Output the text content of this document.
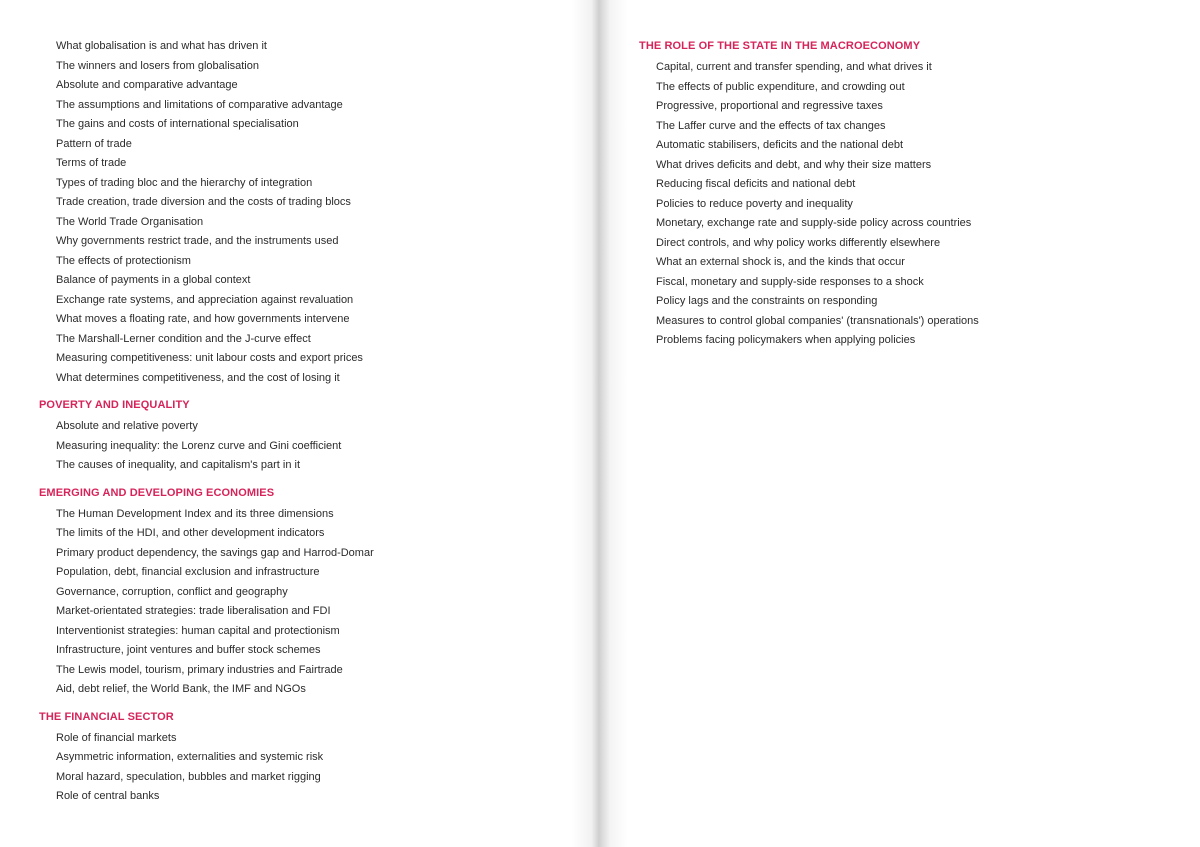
What globalisation is and what has driven it
The winners and losers from globalisation
Absolute and comparative advantage
The assumptions and limitations of comparative advantage
The gains and costs of international specialisation
Pattern of trade
Terms of trade
Types of trading bloc and the hierarchy of integration
Trade creation, trade diversion and the costs of trading blocs
The World Trade Organisation
Why governments restrict trade, and the instruments used
The effects of protectionism
Balance of payments in a global context
Exchange rate systems, and appreciation against revaluation
What moves a floating rate, and how governments intervene
The Marshall-Lerner condition and the J-curve effect
Measuring competitiveness: unit labour costs and export prices
What determines competitiveness, and the cost of losing it
POVERTY AND INEQUALITY
Absolute and relative poverty
Measuring inequality: the Lorenz curve and Gini coefficient
The causes of inequality, and capitalism's part in it
EMERGING AND DEVELOPING ECONOMIES
The Human Development Index and its three dimensions
The limits of the HDI, and other development indicators
Primary product dependency, the savings gap and Harrod-Domar
Population, debt, financial exclusion and infrastructure
Governance, corruption, conflict and geography
Market-orientated strategies: trade liberalisation and FDI
Interventionist strategies: human capital and protectionism
Infrastructure, joint ventures and buffer stock schemes
The Lewis model, tourism, primary industries and Fairtrade
Aid, debt relief, the World Bank, the IMF and NGOs
THE FINANCIAL SECTOR
Role of financial markets
Asymmetric information, externalities and systemic risk
Moral hazard, speculation, bubbles and market rigging
Role of central banks
THE ROLE OF THE STATE IN THE MACROECONOMY
Capital, current and transfer spending, and what drives it
The effects of public expenditure, and crowding out
Progressive, proportional and regressive taxes
The Laffer curve and the effects of tax changes
Automatic stabilisers, deficits and the national debt
What drives deficits and debt, and why their size matters
Reducing fiscal deficits and national debt
Policies to reduce poverty and inequality
Monetary, exchange rate and supply-side policy across countries
Direct controls, and why policy works differently elsewhere
What an external shock is, and the kinds that occur
Fiscal, monetary and supply-side responses to a shock
Policy lags and the constraints on responding
Measures to control global companies' (transnationals') operations
Problems facing policymakers when applying policies
